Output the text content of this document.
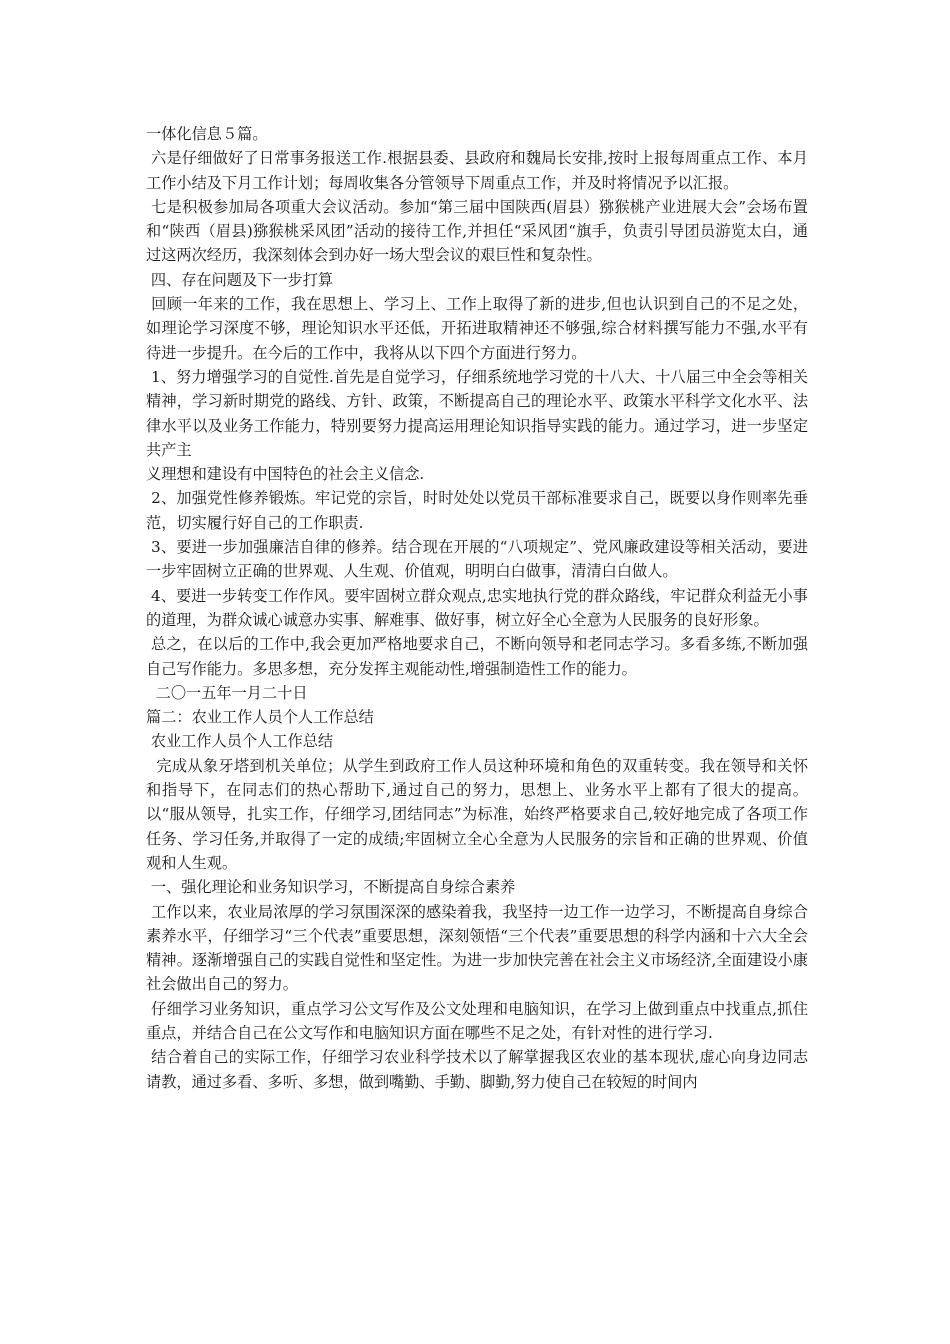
一体化信息５篇。

六是仔细做好了日常事务报送工作.根据县委、县政府和魏局长安排,按时上报每周重点工作、本月工作小结及下月工作计划；每周收集各分管领导下周重点工作，并及时将情况予以汇报。

七是积极参加局各项重大会议活动。参加“第三届中国陕西(眉县）猕猴桃产业进展大会”会场布置和“陕西（眉县)猕猴桃采风团”活动的接待工作,并担任“采风团“旗手，负责引导团员游览太白，通过这两次经历，我深刻体会到办好一场大型会议的艰巨性和复杂性。

四、存在问题及下一步打算

回顾一年来的工作，我在思想上、学习上、工作上取得了新的进步,但也认识到自己的不足之处，如理论学习深度不够，理论知识水平还低，开拓进取精神还不够强,综合材料撰写能力不强,水平有待进一步提升。在今后的工作中，我将从以下四个方面进行努力。

1、努力增强学习的自觉性.首先是自觉学习，仔细系统地学习党的十八大、十八届三中全会等相关精神，学习新时期党的路线、方针、政策，不断提高自己的理论水平、政策水平科学文化水平、法律水平以及业务工作能力，特别要努力提高运用理论知识指导实践的能力。通过学习，进一步坚定共产主

义理想和建设有中国特色的社会主义信念.

2、加强党性修养锻炼。牢记党的宗旨，时时处处以党员干部标准要求自己，既要以身作则率先垂范，切实履行好自己的工作职责.

3、要进一步加强廉洁自律的修养。结合现在开展的“八项规定”、党风廉政建设等相关活动，要进一步牢固树立正确的世界观、人生观、价值观，明明白白做事，清清白白做人。

4、要进一步转变工作作风。要牢固树立群众观点,忠实地执行党的群众路线，牢记群众利益无小事的道理，为群众诚心诚意办实事、解难事、做好事，树立好全心全意为人民服务的良好形象。

总之，在以后的工作中,我会更加严格地要求自己，不断向领导和老同志学习。多看多练,不断加强自己写作能力。多思多想，充分发挥主观能动性,增强制造性工作的能力。

二〇一五年一月二十日

篇二：农业工作人员个人工作总结

农业工作人员个人工作总结

完成从象牙塔到机关单位；从学生到政府工作人员这种环境和角色的双重转变。我在领导和关怀和指导下，在同志们的热心帮助下,通过自己的努力，思想上、业务水平上都有了很大的提高。以“服从领导，扎实工作，仔细学习,团结同志”为标准，始终严格要求自己,较好地完成了各项工作任务、学习任务,并取得了一定的成绩;牢固树立全心全意为人民服务的宗旨和正确的世界观、价值观和人生观。

一、强化理论和业务知识学习，不断提高自身综合素养

工作以来，农业局浓厚的学习氛围深深的感染着我，我坚持一边工作一边学习，不断提高自身综合素养水平，仔细学习“三个代表”重要思想，深刻领悟“三个代表”重要思想的科学内涵和十六大全会精神。逐渐增强自己的实践自觉性和坚定性。为进一步加快完善在社会主义市场经济,全面建设小康社会做出自己的努力。

仔细学习业务知识，重点学习公文写作及公文处理和电脑知识，在学习上做到重点中找重点,抓住重点，并结合自己在公文写作和电脑知识方面在哪些不足之处，有针对性的进行学习.

结合着自己的实际工作，仔细学习农业科学技术以了解掌握我区农业的基本现状,虚心向身边同志请教，通过多看、多听、多想，做到嘴勤、手勤、脚勤,努力使自己在较短的时间内
